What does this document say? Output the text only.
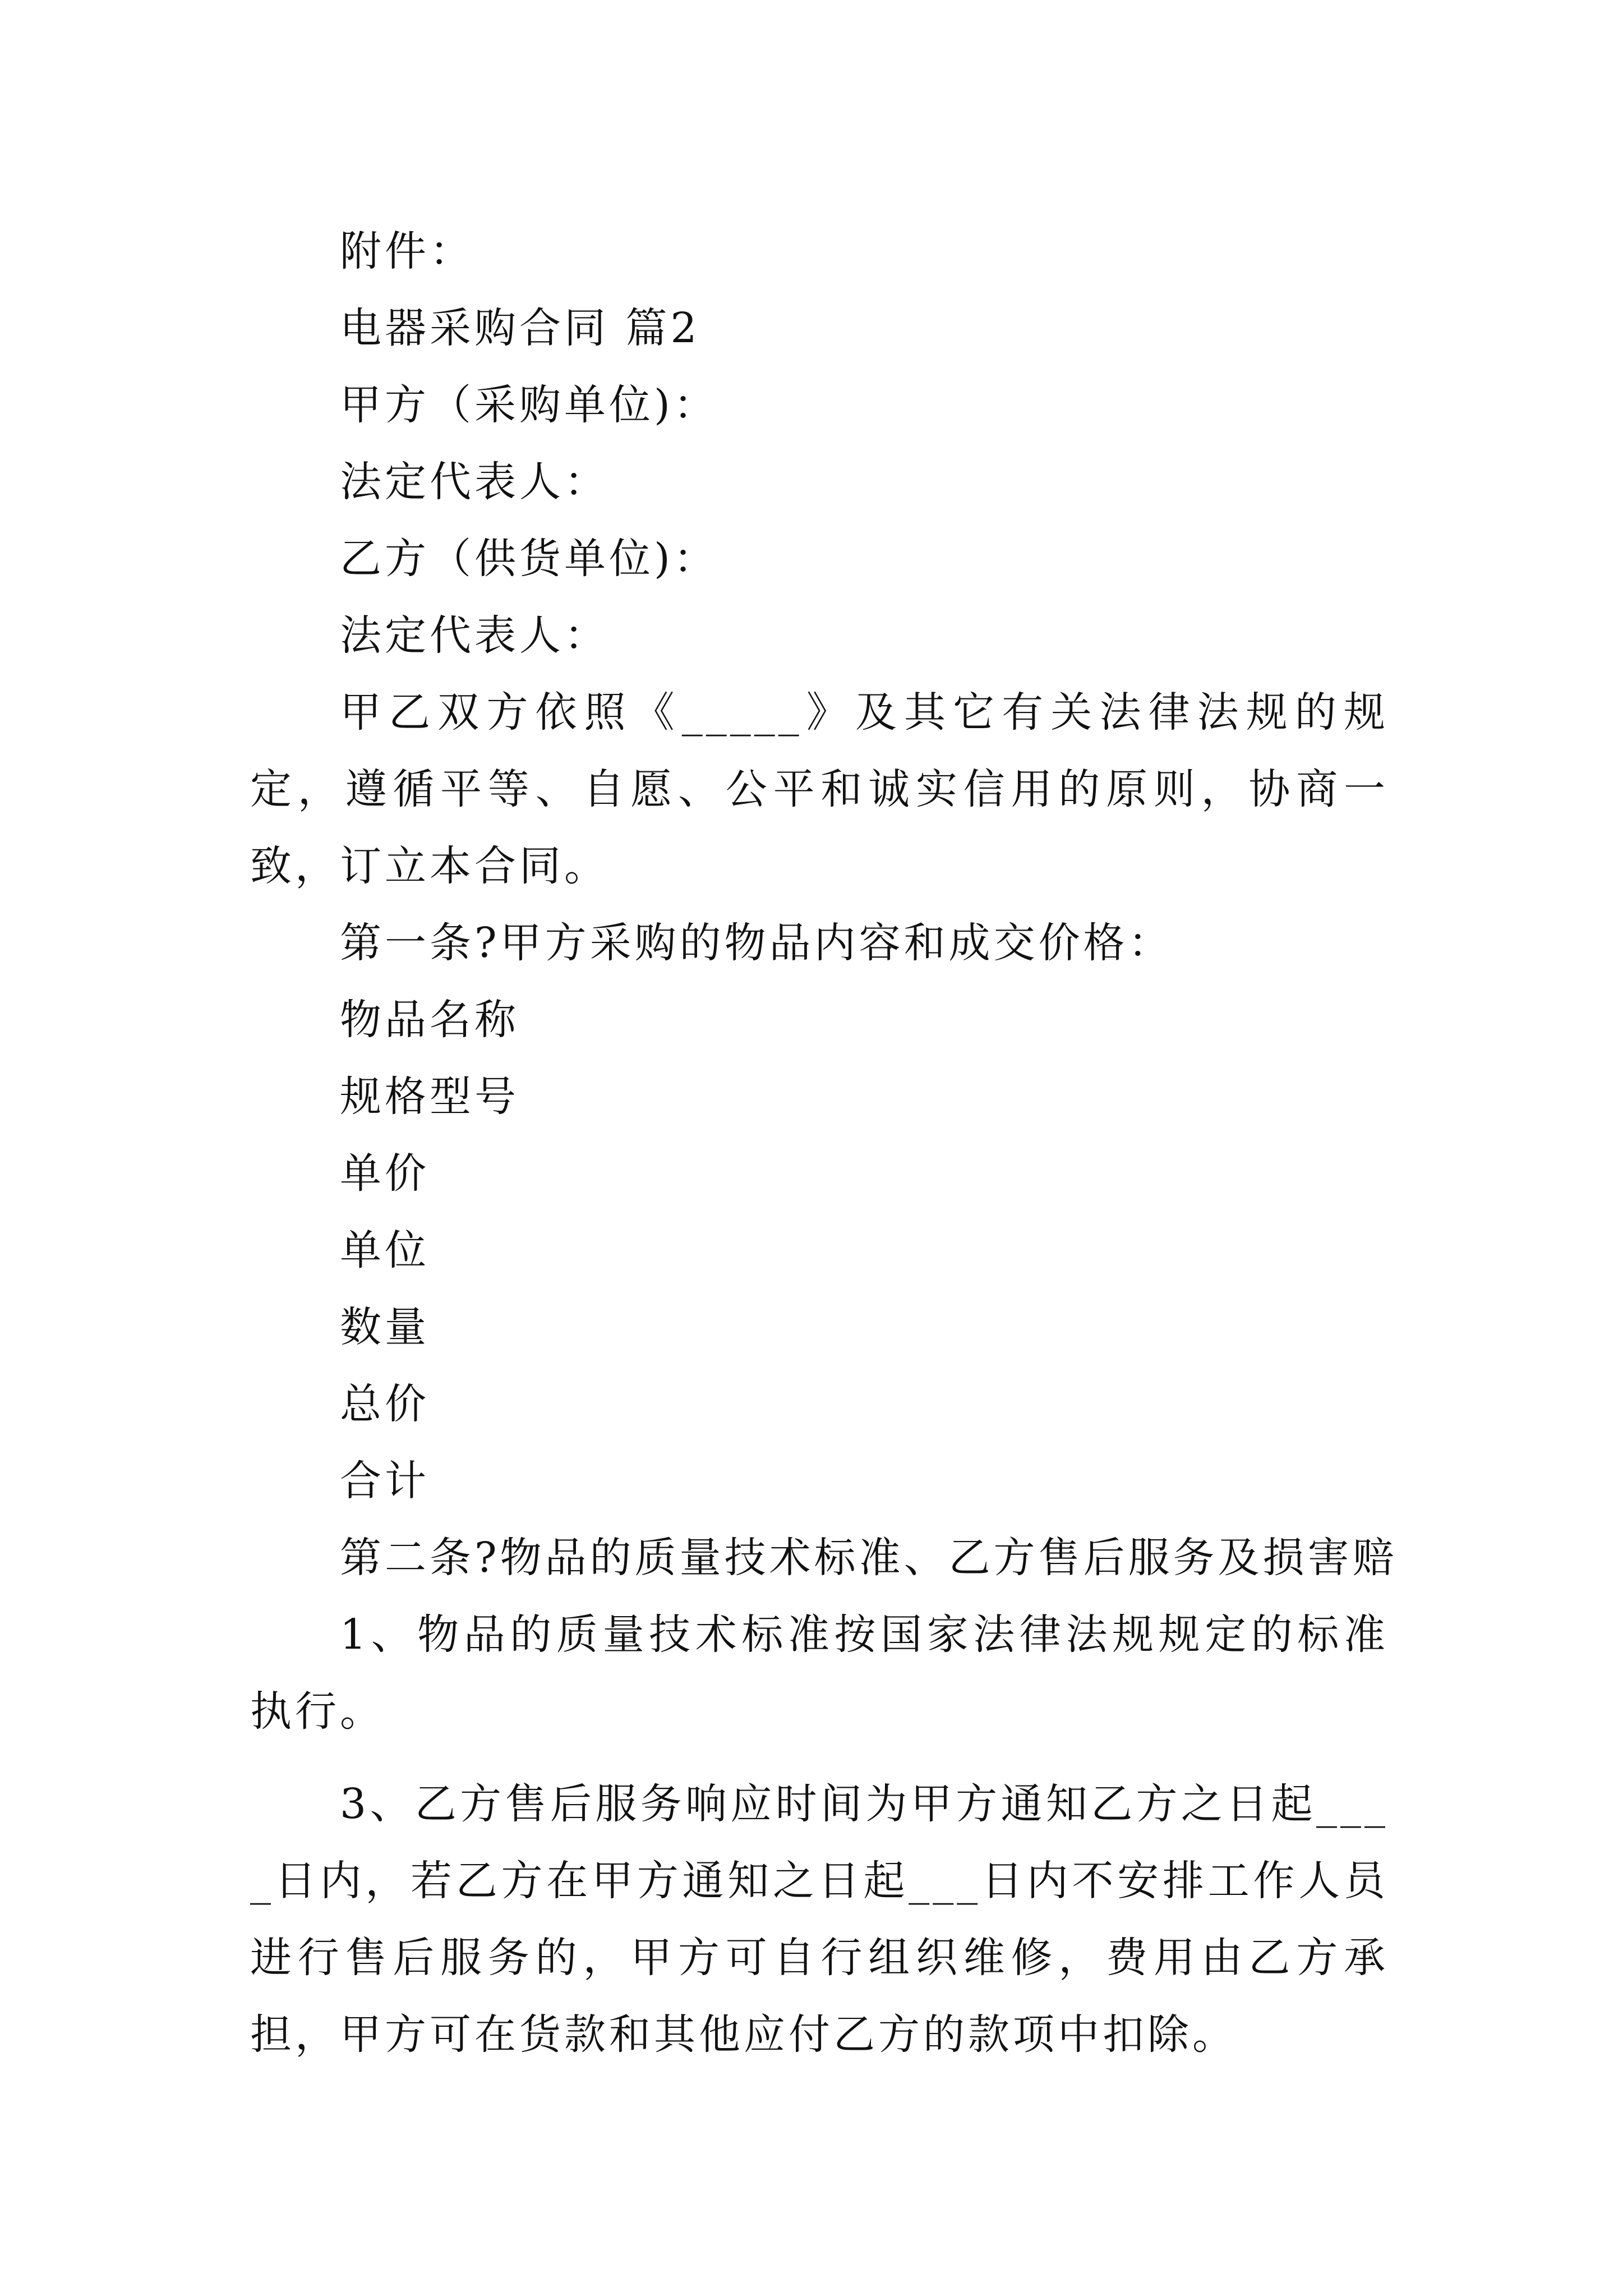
附件：
电器采购合同 篇2
甲方（采购单位)：
法定代表人：
乙方（供货单位)：
法定代表人：
甲乙双方依照《_____》及其它有关法律法规的规定，遵循平等、自愿、公平和诚实信用的原则，协商一致，订立本合同。
第一条?甲方采购的物品内容和成交价格：
物品名称
规格型号
单价
单位
数量
总价
合计
第二条?物品的质量技术标准、乙方售后服务及损害赔
1、物品的质量技术标准按国家法律法规规定的标准执行。
3、乙方售后服务响应时间为甲方通知乙方之日起____日内，若乙方在甲方通知之日起___日内不安排工作人员进行售后服务的，甲方可自行组织维修，费用由乙方承担，甲方可在货款和其他应付乙方的款项中扣除。
